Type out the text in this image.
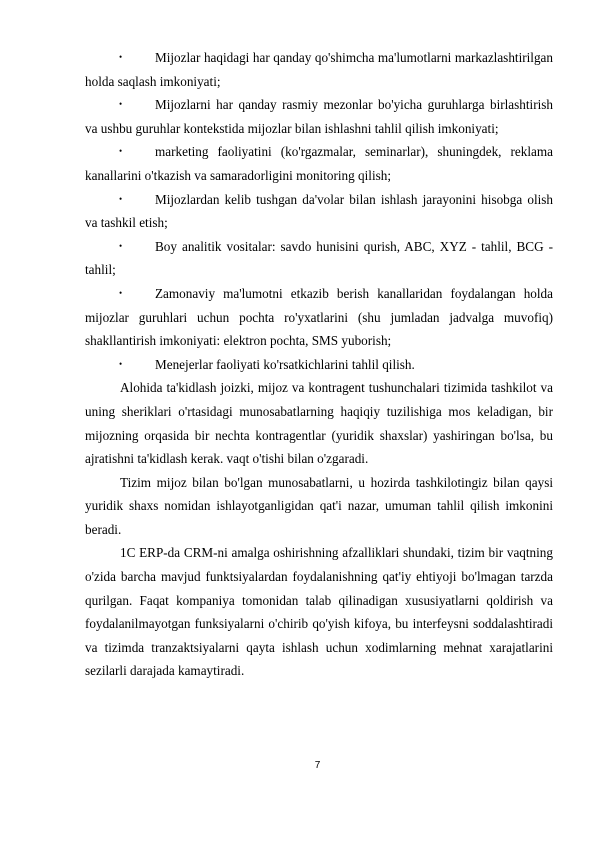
• Mijozlar haqidagi har qanday qo'shimcha ma'lumotlarni markazlashtirilgan holda saqlash imkoniyati;
• Mijozlarni har qanday rasmiy mezonlar bo'yicha guruhlarga birlashtirish va ushbu guruhlar kontekstida mijozlar bilan ishlashni tahlil qilish imkoniyati;
• marketing faoliyatini (ko'rgazmalar, seminarlar), shuningdek, reklama kanallarini o'tkazish va samaradorligini monitoring qilish;
• Mijozlardan kelib tushgan da'volar bilan ishlash jarayonini hisobga olish va tashkil etish;
• Boy analitik vositalar: savdo hunisini qurish, ABC, XYZ - tahlil, BCG - tahlil;
• Zamonaviy ma'lumotni etkazib berish kanallaridan foydalangan holda mijozlar guruhlari uchun pochta ro'yxatlarini (shu jumladan jadvalga muvofiq) shakllantirish imkoniyati: elektron pochta, SMS yuborish;
• Menejerlar faoliyati ko'rsatkichlarini tahlil qilish.

Alohida ta'kidlash joizki, mijoz va kontragent tushunchalari tizimida tashkilot va uning sheriklari o'rtasidagi munosabatlarning haqiqiy tuzilishiga mos keladigan, bir mijozning orqasida bir nechta kontragentlar (yuridik shaxslar) yashiringan bo'lsa, bu ajratishni ta'kidlash kerak. vaqt o'tishi bilan o'zgaradi.

Tizim mijoz bilan bo'lgan munosabatlarni, u hozirda tashkilotingiz bilan qaysi yuridik shaxs nomidan ishlayotganligidan qat'i nazar, umuman tahlil qilish imkonini beradi.

1C ERP-da CRM-ni amalga oshirishning afzalliklari shundaki, tizim bir vaqtning o'zida barcha mavjud funktsiyalardan foydalanishning qat'iy ehtiyoji bo'lmagan tarzda qurilgan. Faqat kompaniya tomonidan talab qilinadigan xususiyatlarni qoldirish va foydalanilmayotgan funksiyalarni o'chirib qo'yish kifoya, bu interfeysni soddalashtiradi va tizimda tranzaktsiyalarni qayta ishlash uchun xodimlarning mehnat xarajatlarini sezilarli darajada kamaytiradi.

7
